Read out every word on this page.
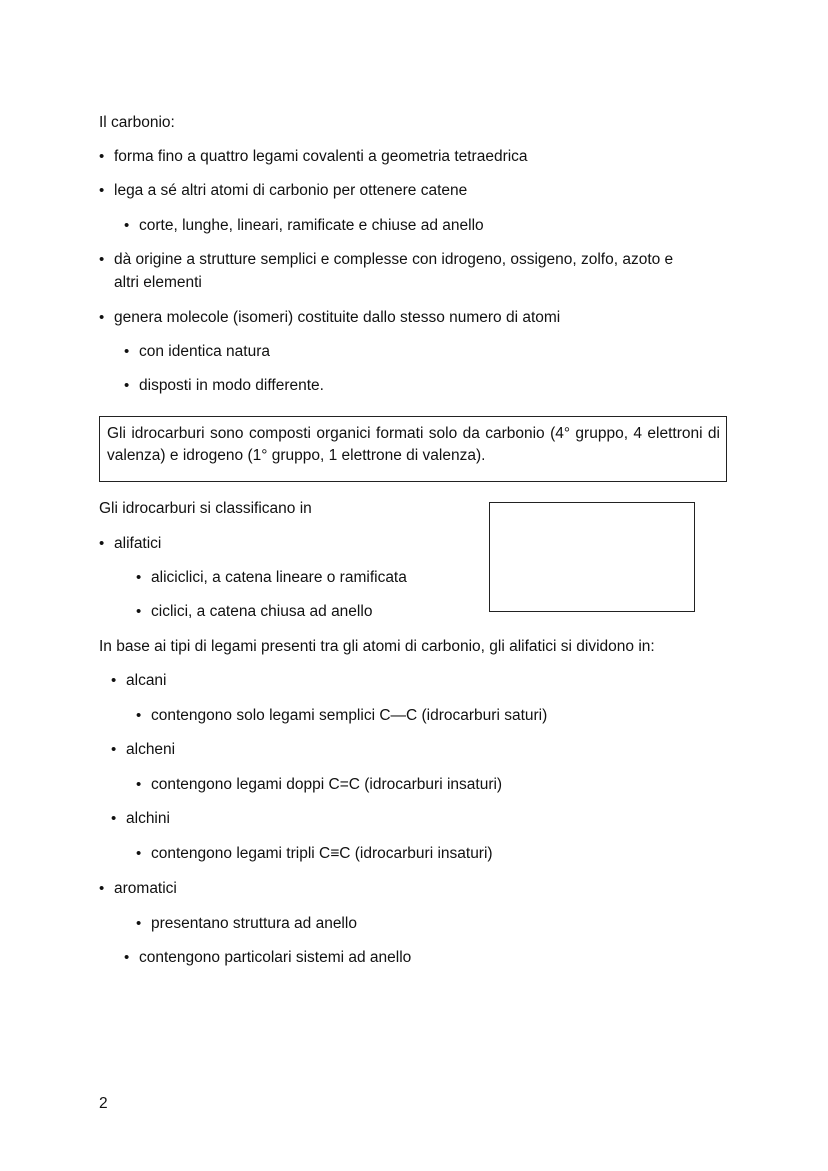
Il carbonio:
• forma fino a quattro legami covalenti a geometria tetraedrica
• lega a sé altri atomi di carbonio per ottenere catene
• corte, lunghe, lineari, ramificate e chiuse ad anello
• dà origine a strutture semplici e complesse con idrogeno, ossigeno, zolfo, azoto e
altri elementi
• genera molecole (isomeri) costituite dallo stesso numero di atomi
• con identica natura
• disposti in modo differente.
Gli idrocarburi sono composti organici formati solo da carbonio (4° gruppo, 4 elettroni di valenza) e idrogeno (1° gruppo, 1 elettrone di valenza).
Gli idrocarburi si classificano in
• alifatici
• aliciclici, a catena lineare o ramificata
• ciclici, a catena chiusa ad anello
In base ai tipi di legami presenti tra gli atomi di carbonio, gli alifatici si dividono in:
• alcani
• contengono solo legami semplici C—C (idrocarburi saturi)
• alcheni
• contengono legami doppi C=C (idrocarburi insaturi)
• alchini
• contengono legami tripli C≡C (idrocarburi insaturi)
• aromatici
• presentano struttura ad anello
• contengono particolari sistemi ad anello
2
